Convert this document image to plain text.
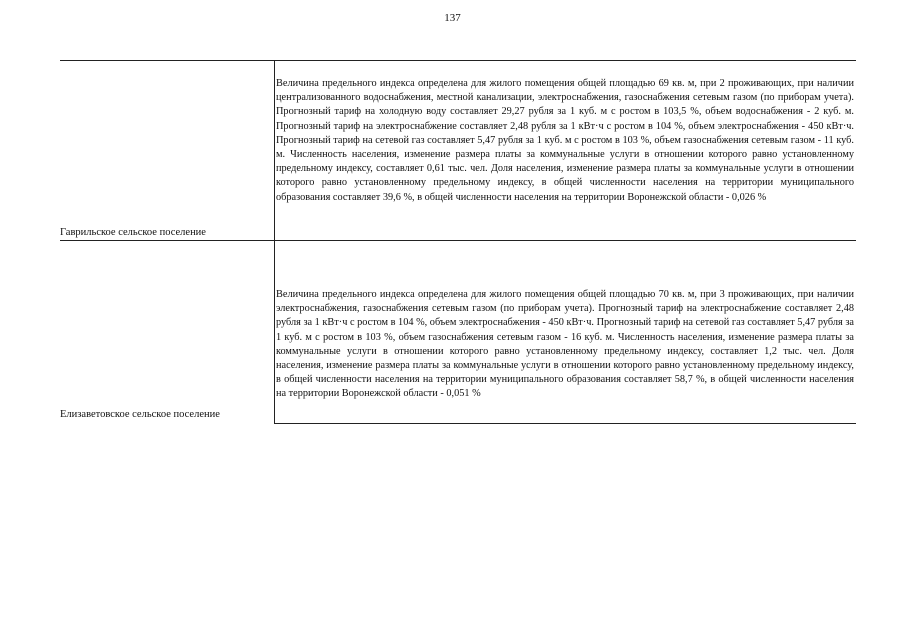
137
Гаврильское сельское поселение
Величина предельного индекса определена для жилого помещения общей площадью 69 кв. м, при 2 проживающих, при наличии централизованного водоснабжения, местной канализации, электроснабжения, газоснабжения сетевым газом (по приборам учета). Прогнозный тариф на холодную воду составляет 29,27 рубля за 1 куб. м с ростом в 103,5 %, объем водоснабжения - 2 куб. м. Прогнозный тариф на электроснабжение составляет 2,48 рубля за 1 кВт·ч с ростом в 104 %, объем электроснабжения - 450 кВт·ч. Прогнозный тариф на сетевой газ составляет 5,47 рубля за 1 куб. м с ростом в 103 %, объем газоснабжения сетевым газом - 11 куб. м. Численность населения, изменение размера платы за коммунальные услуги в отношении которого равно установленному предельному индексу, составляет 0,61 тыс. чел. Доля населения, изменение размера платы за коммунальные услуги в отношении которого равно установленному предельному индексу, в общей численности населения на территории муниципального образования составляет 39,6 %, в общей численности населения на территории Воронежской области - 0,026 %
Елизаветовское сельское поселение
Величина предельного индекса определена для жилого помещения общей площадью 70 кв. м, при 3 проживающих, при наличии электроснабжения, газоснабжения сетевым газом (по приборам учета). Прогнозный тариф на электроснабжение составляет 2,48 рубля за 1 кВт·ч с ростом в 104 %, объем электроснабжения - 450 кВт·ч. Прогнозный тариф на сетевой газ составляет 5,47 рубля за 1 куб. м с ростом в 103 %, объем газоснабжения сетевым газом - 16 куб. м. Численность населения, изменение размера платы за коммунальные услуги в отношении которого равно установленному предельному индексу, составляет 1,2 тыс. чел. Доля населения, изменение размера платы за коммунальные услуги в отношении которого равно установленному предельному индексу, в общей численности населения на территории муниципального образования составляет 58,7 %, в общей численности населения на территории Воронежской области - 0,051 %
